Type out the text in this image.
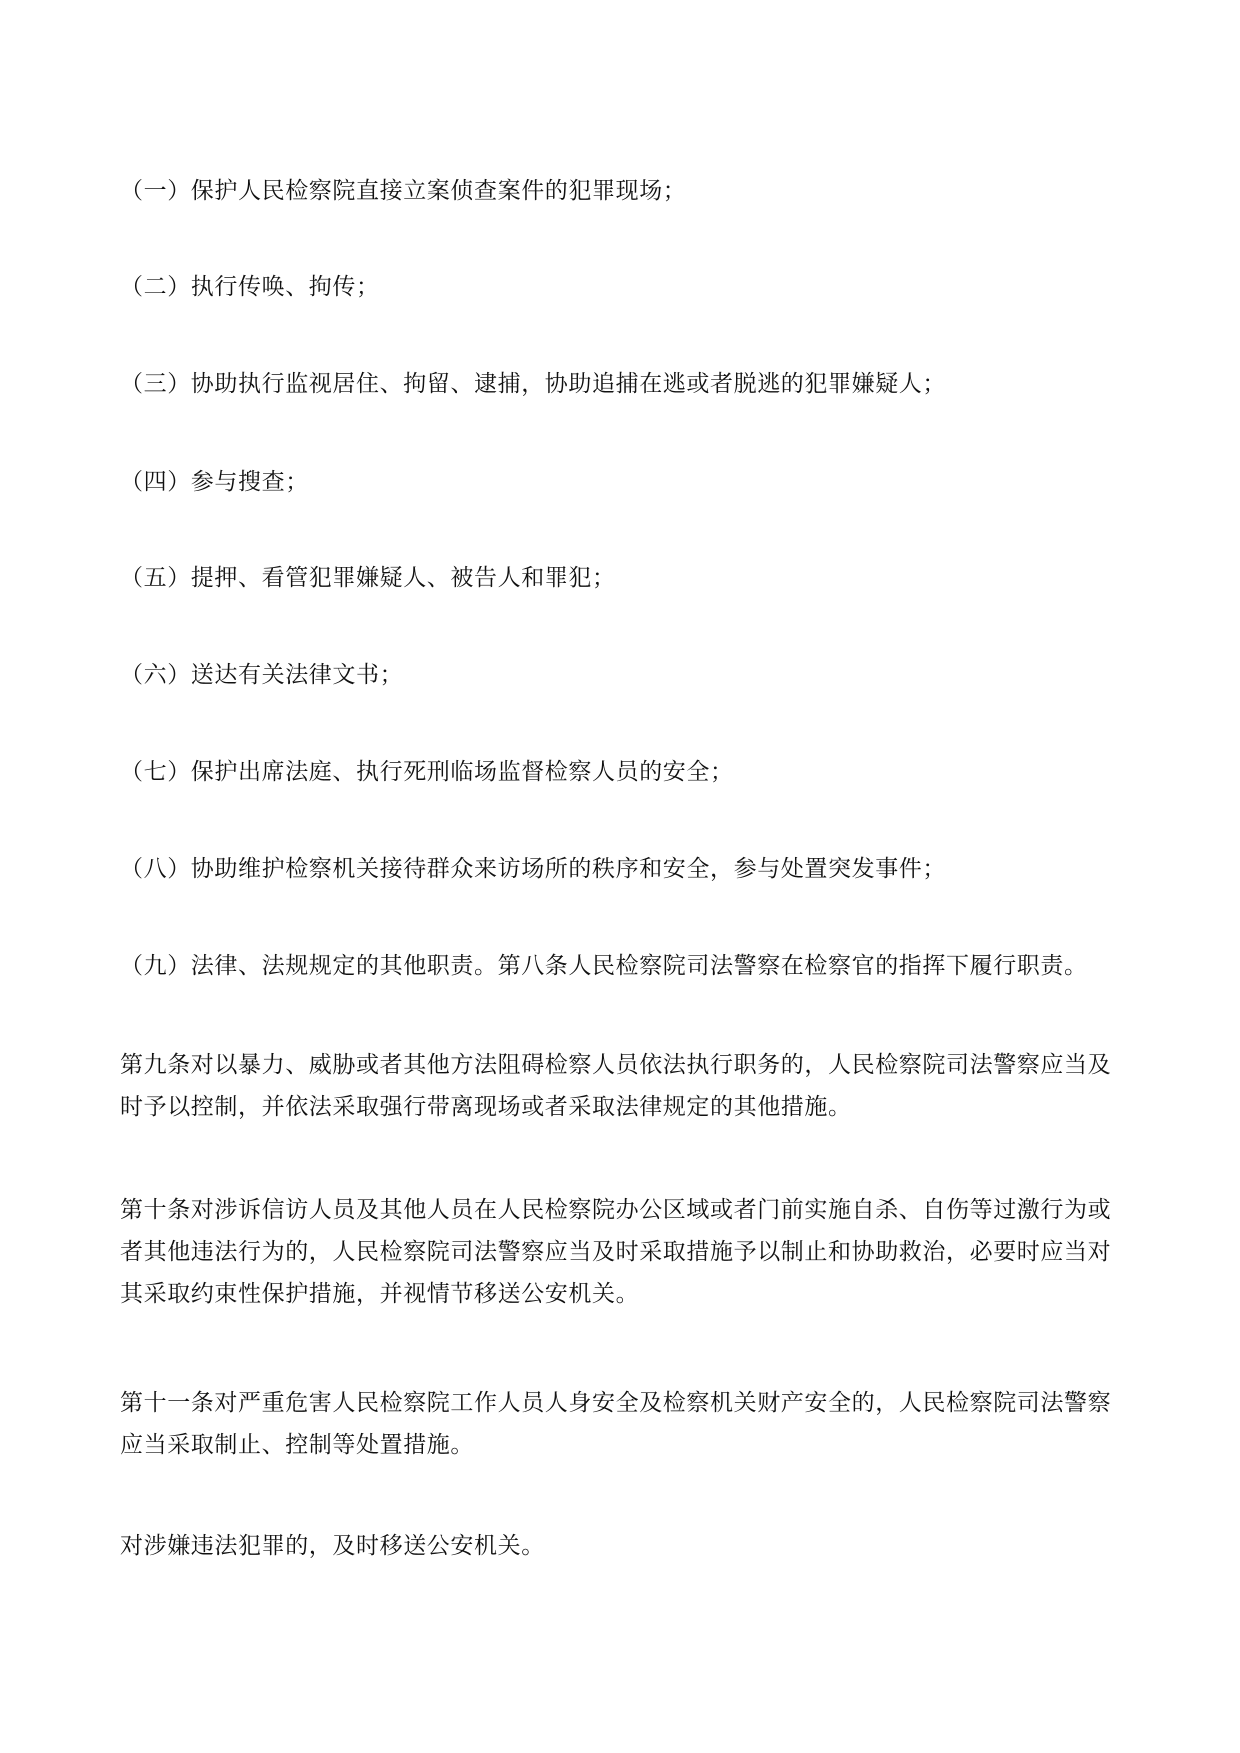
（一）保护人民检察院直接立案侦查案件的犯罪现场；
（二）执行传唤、拘传；
（三）协助执行监视居住、拘留、逮捕，协助追捕在逃或者脱逃的犯罪嫌疑人；
（四）参与搜查；
（五）提押、看管犯罪嫌疑人、被告人和罪犯；
（六）送达有关法律文书；
（七）保护出席法庭、执行死刑临场监督检察人员的安全；
（八）协助维护检察机关接待群众来访场所的秩序和安全，参与处置突发事件；
（九）法律、法规规定的其他职责。第八条人民检察院司法警察在检察官的指挥下履行职责。
第九条对以暴力、威胁或者其他方法阻碍检察人员依法执行职务的，人民检察院司法警察应当及时予以控制，并依法采取强行带离现场或者采取法律规定的其他措施。
第十条对涉诉信访人员及其他人员在人民检察院办公区域或者门前实施自杀、自伤等过激行为或者其他违法行为的，人民检察院司法警察应当及时采取措施予以制止和协助救治，必要时应当对其采取约束性保护措施，并视情节移送公安机关。
第十一条对严重危害人民检察院工作人员人身安全及检察机关财产安全的，人民检察院司法警察应当采取制止、控制等处置措施。
对涉嫌违法犯罪的，及时移送公安机关。
